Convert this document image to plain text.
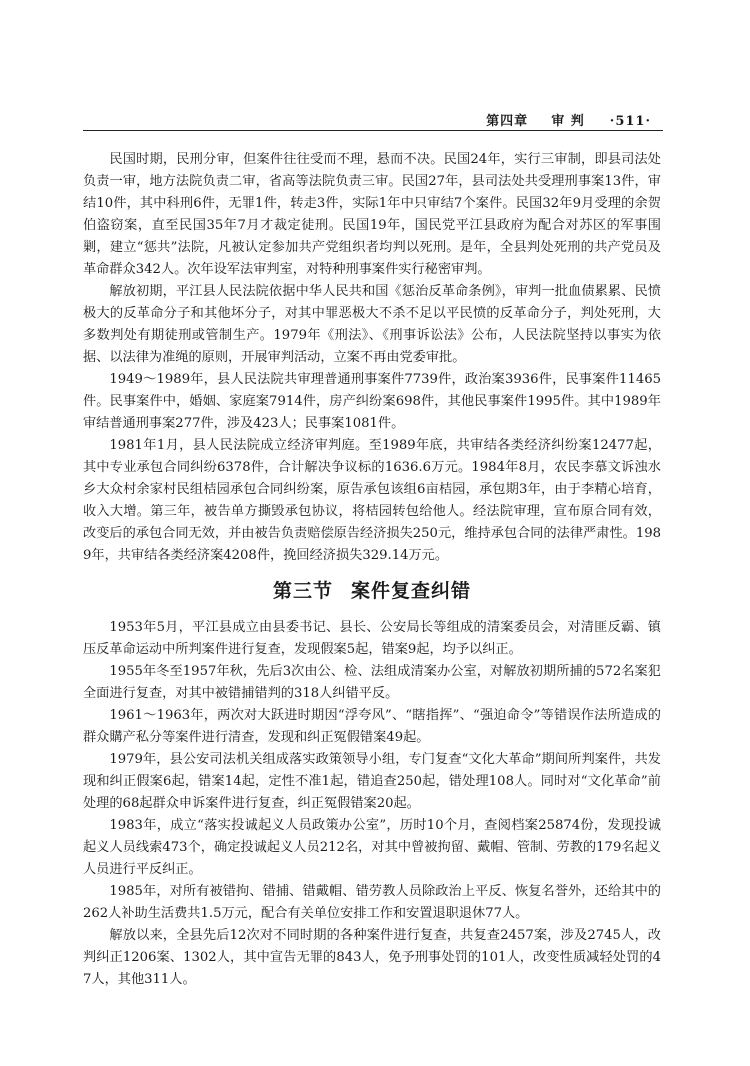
第四章 审 判 ·511·

民国时期，民刑分审，但案件往往受而不理，悬而不决。民国24年，实行三审制，即县司法处负责一审，地方法院负责二审，省高等法院负责三审。民国27年，县司法处共受理刑事案13件，审结10件，其中科刑6件，无罪1件，转走3件，实际1年中只审结7个案件。民国32年9月受理的余贺伯盗窃案，直至民国35年7月才裁定徒刑。民国19年，国民党平江县政府为配合对苏区的军事围剿，建立“惩共”法院，凡被认定参加共产党组织者均判以死刑。是年，全县判处死刑的共产党员及革命群众342人。次年设军法审判室，对特种刑事案件实行秘密审判。

解放初期，平江县人民法院依据中华人民共和国《惩治反革命条例》，审判一批血债累累、民愤极大的反革命分子和其他坏分子，对其中罪恶极大不杀不足以平民愤的反革命分子，判处死刑，大多数判处有期徒刑或管制生产。1979年《刑法》、《刑事诉讼法》公布，人民法院坚持以事实为依据、以法律为准绳的原则，开展审判活动，立案不再由党委审批。

1949～1989年，县人民法院共审理普通刑事案件7739件，政治案3936件，民事案件11465件。民事案件中，婚姻、家庭案7914件，房产纠纷案698件，其他民事案件1995件。其中1989年审结普通刑事案277件，涉及423人；民事案1081件。

1981年1月，县人民法院成立经济审判庭。至1989年底，共审结各类经济纠纷案12477起，其中专业承包合同纠纷6378件，合计解决争议标的1636.6万元。1984年8月，农民李慕文诉浊水乡大众村余家村民组桔园承包合同纠纷案，原告承包该组6亩桔园，承包期3年，由于李精心培育，收入大增。第三年，被告单方撕毁承包协议，将桔园转包给他人。经法院审理，宣布原合同有效，改变后的承包合同无效，并由被告负责赔偿原告经济损失250元，维持承包合同的法律严肃性。1989年，共审结各类经济案4208件，挽回经济损失329.14万元。

第三节 案件复查纠错

1953年5月，平江县成立由县委书记、县长、公安局长等组成的清案委员会，对清匪反霸、镇压反革命运动中所判案件进行复查，发现假案5起，错案9起，均予以纠正。

1955年冬至1957年秋，先后3次由公、检、法组成清案办公室，对解放初期所捕的572名案犯全面进行复查，对其中被错捕错判的318人纠错平反。

1961～1963年，两次对大跃进时期因“浮夸风”、“瞎指挥”、“强迫命令”等错误作法所造成的群众購产私分等案件进行清查，发现和纠正冤假错案49起。

1979年，县公安司法机关组成落实政策领导小组，专门复查“文化大革命”期间所判案件，共发现和纠正假案6起，错案14起，定性不准1起，错追查250起，错处理108人。同时对“文化革命”前处理的68起群众申诉案件进行复查，纠正冤假错案20起。

1983年，成立“落实投诚起义人员政策办公室”，历时10个月，查阅档案25874份，发现投诚起义人员线索473个，确定投诚起义人员212名，对其中曾被拘留、戴帽、管制、劳教的179名起义人员进行平反纠正。

1985年，对所有被错拘、错捕、错戴帽、错劳教人员除政治上平反、恢复名誉外，还给其中的262人补助生活费共1.5万元，配合有关单位安排工作和安置退职退休77人。

解放以来，全县先后12次对不同时期的各种案件进行复查，共复查2457案，涉及2745人，改判纠正1206案、1302人，其中宣告无罪的843人，免予刑事处罚的101人，改变性质减轻处罚的47人，其他311人。
